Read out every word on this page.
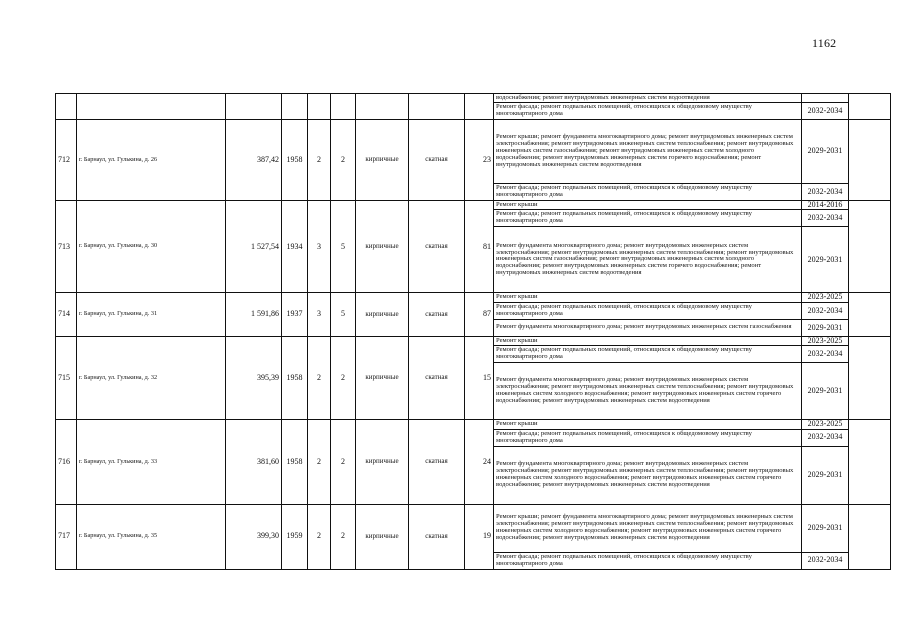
1162
									водоснабжения; ремонт внутридомовых инженерных систем водоотведения		
									Ремонт фасада; ремонт подвальных помещений, относящихся к общедомовому имуществу многоквартирного дома	2032-2034	
712	г. Барнаул, ул. Гулькина, д. 26	387,42	1958	2	2	кирпичные	скатная	23	Ремонт крыши; ремонт фундамента многоквартирного дома; ремонт внутридомовых инженерных систем электроснабжения; ремонт внутридомовых инженерных систем теплоснабжения; ремонт внутридомовых инженерных систем газоснабжения; ремонт внутридомовых инженерных систем холодного водоснабжения; ремонт внутридомовых инженерных систем горячего водоснабжения; ремонт внутридомовых инженерных систем водоотведения	2029-2031	
									Ремонт фасада; ремонт подвальных помещений, относящихся к общедомовому имуществу многоквартирного дома	2032-2034	
713	г. Барнаул, ул. Гулькина, д. 30	1 527,54	1934	3	5	кирпичные	скатная	81	Ремонт крыши	2014-2016	
									Ремонт фасада; ремонт подвальных помещений, относящихся к общедомовому имуществу многоквартирного дома	2032-2034	
									Ремонт фундамента многоквартирного дома; ремонт внутридомовых инженерных систем электроснабжения; ремонт внутридомовых инженерных систем теплоснабжения; ремонт внутридомовых инженерных систем газоснабжения; ремонт внутридомовых инженерных систем холодного водоснабжения; ремонт внутридомовых инженерных систем горячего водоснабжения; ремонт внутридомовых инженерных систем водоотведения	2029-2031	
714	г. Барнаул, ул. Гулькина, д. 31	1 591,86	1937	3	5	кирпичные	скатная	87	Ремонт крыши	2023-2025	
									Ремонт фасада; ремонт подвальных помещений, относящихся к общедомовому имуществу многоквартирного дома	2032-2034	
									Ремонт фундамента многоквартирного дома; ремонт внутридомовых инженерных систем газоснабжения	2029-2031	
715	г. Барнаул, ул. Гулькина, д. 32	395,39	1958	2	2	кирпичные	скатная	15	Ремонт крыши	2023-2025	
									Ремонт фасада; ремонт подвальных помещений, относящихся к общедомовому имуществу многоквартирного дома	2032-2034	
									Ремонт фундамента многоквартирного дома; ремонт внутридомовых инженерных систем электроснабжения; ремонт внутридомовых инженерных систем теплоснабжения; ремонт внутридомовых инженерных систем холодного водоснабжения; ремонт внутридомовых инженерных систем горячего водоснабжения; ремонт внутридомовых инженерных систем водоотведения	2029-2031	
716	г. Барнаул, ул. Гулькина, д. 33	381,60	1958	2	2	кирпичные	скатная	24	Ремонт крыши	2023-2025	
									Ремонт фасада; ремонт подвальных помещений, относящихся к общедомовому имуществу многоквартирного дома	2032-2034	
									Ремонт фундамента многоквартирного дома; ремонт внутридомовых инженерных систем электроснабжения; ремонт внутридомовых инженерных систем теплоснабжения; ремонт внутридомовых инженерных систем холодного водоснабжения; ремонт внутридомовых инженерных систем горячего водоснабжения; ремонт внутридомовых инженерных систем водоотведения	2029-2031	
717	г. Барнаул, ул. Гулькина, д. 35	399,30	1959	2	2	кирпичные	скатная	19	Ремонт крыши; ремонт фундамента многоквартирного дома; ремонт внутридомовых инженерных систем электроснабжения; ремонт внутридомовых инженерных систем теплоснабжения; ремонт внутридомовых инженерных систем холодного водоснабжения; ремонт внутридомовых инженерных систем горячего водоснабжения; ремонт внутридомовых инженерных систем водоотведения	2029-2031	
									Ремонт фасада; ремонт подвальных помещений, относящихся к общедомовому имуществу многоквартирного дома	2032-2034	
